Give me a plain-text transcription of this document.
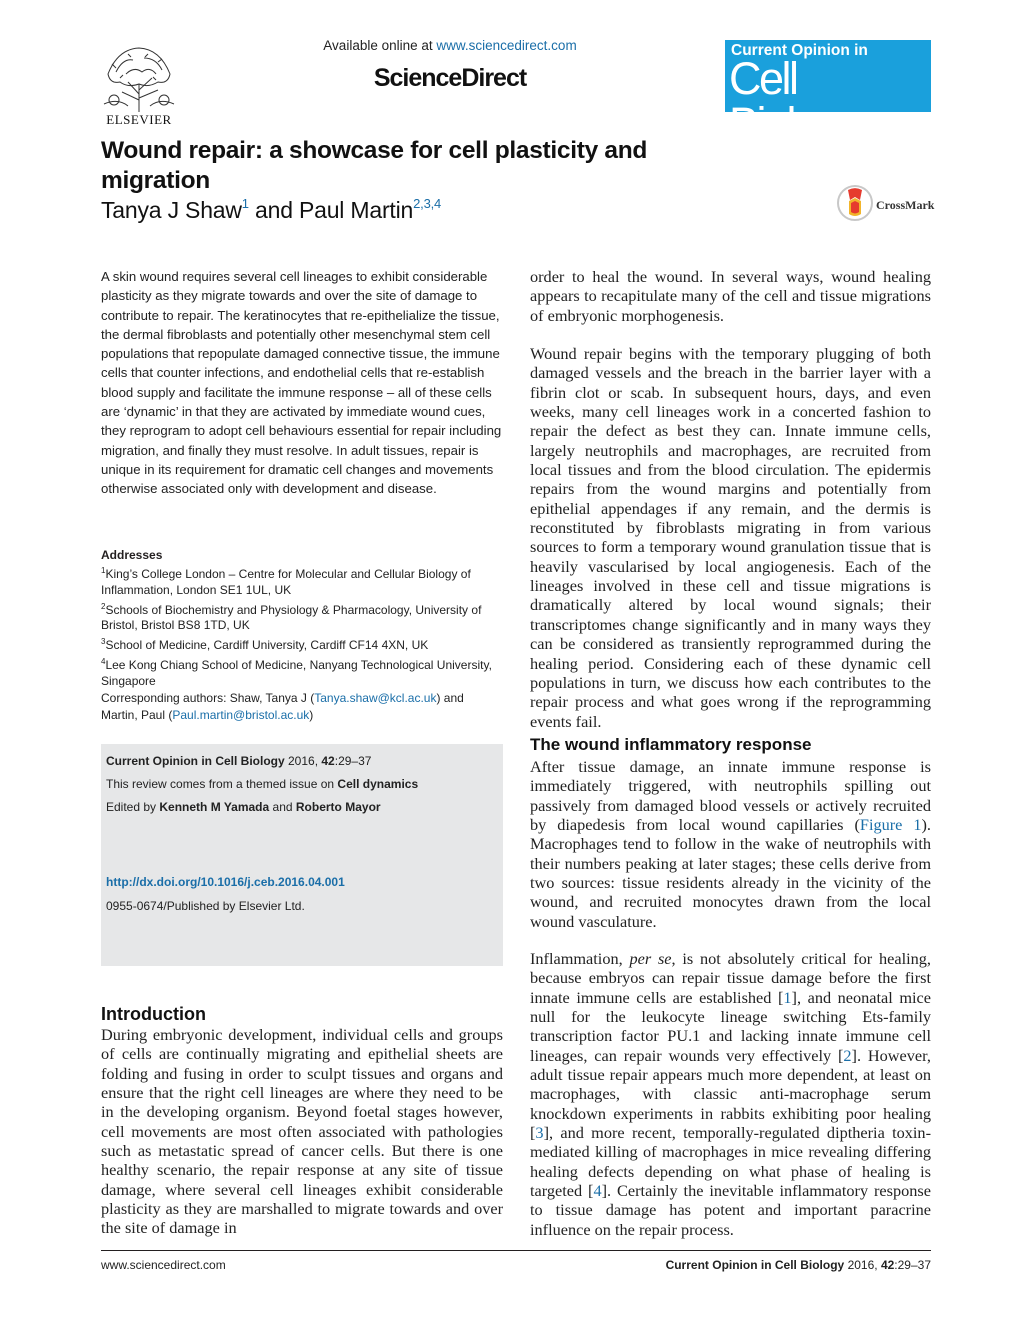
ELSEVIER
Available online at www.sciencedirect.com
ScienceDirect
Current Opinion in
Cell Biology
Wound repair: a showcase for cell plasticity and migration
Tanya J Shaw$^1$ and Paul Martin$^{2,3,4}$	CrossMark
A skin wound requires several cell lineages to exhibit considerable plasticity as they migrate towards and over the site of damage to contribute to repair. The keratinocytes that re-epithelialize the tissue, the dermal fibroblasts and potentially other mesenchymal stem cell populations that repopulate damaged connective tissue, the immune cells that counter infections, and endothelial cells that re-establish blood supply and facilitate the immune response – all of these cells are ‘dynamic’ in that they are activated by immediate wound cues, they reprogram to adopt cell behaviours essential for repair including migration, and finally they must resolve. In adult tissues, repair is unique in its requirement for dramatic cell changes and movements otherwise associated only with development and disease.
Addresses
$^1$King’s College London – Centre for Molecular and Cellular Biology of Inflammation, London SE1 1UL, UK
$^2$Schools of Biochemistry and Physiology & Pharmacology, University of Bristol, Bristol BS8 1TD, UK
$^3$School of Medicine, Cardiff University, Cardiff CF14 4XN, UK
$^4$Lee Kong Chiang School of Medicine, Nanyang Technological University, Singapore
Corresponding authors: Shaw, Tanya J (Tanya.shaw@kcl.ac.uk) and Martin, Paul (Paul.martin@bristol.ac.uk)
Current Opinion in Cell Biology 2016, 42:29–37
This review comes from a themed issue on Cell dynamics
Edited by Kenneth M Yamada and Roberto Mayor
http://dx.doi.org/10.1016/j.ceb.2016.04.001
0955-0674/Published by Elsevier Ltd.
Introduction
During embryonic development, individual cells and groups of cells are continually migrating and epithelial sheets are folding and fusing in order to sculpt tissues and organs and ensure that the right cell lineages are where they need to be in the developing organism. Beyond foetal stages however, cell movements are most often associated with pathologies such as metastatic spread of cancer cells. But there is one healthy scenario, the repair response at any site of tissue damage, where several cell lineages exhibit considerable plasticity as they are marshalled to migrate towards and over the site of damage in
order to heal the wound. In several ways, wound healing appears to recapitulate many of the cell and tissue migrations of embryonic morphogenesis.
Wound repair begins with the temporary plugging of both damaged vessels and the breach in the barrier layer with a fibrin clot or scab. In subsequent hours, days, and even weeks, many cell lineages work in a concerted fashion to repair the defect as best they can. Innate immune cells, largely neutrophils and macrophages, are recruited from local tissues and from the blood circulation. The epidermis repairs from the wound margins and potentially from epithelial appendages if any remain, and the dermis is reconstituted by fibroblasts migrating in from various sources to form a temporary wound granulation tissue that is heavily vascularised by local angiogenesis. Each of the lineages involved in these cell and tissue migrations is dramatically altered by local wound signals; their transcriptomes change significantly and in many ways they can be considered as transiently reprogrammed during the healing period. Considering each of these dynamic cell populations in turn, we discuss how each contributes to the repair process and what goes wrong if the reprogramming events fail.
The wound inflammatory response
After tissue damage, an innate immune response is immediately triggered, with neutrophils spilling out passively from damaged blood vessels or actively recruited by diapedesis from local wound capillaries (Figure 1). Macrophages tend to follow in the wake of neutrophils with their numbers peaking at later stages; these cells derive from two sources: tissue residents already in the vicinity of the wound, and recruited monocytes drawn from the local wound vasculature.
Inflammation, per se, is not absolutely critical for healing, because embryos can repair tissue damage before the first innate immune cells are established [1], and neonatal mice null for the leukocyte lineage switching Ets-family transcription factor PU.1 and lacking innate immune cell lineages, can repair wounds very effectively [2]. However, adult tissue repair appears much more dependent, at least on macrophages, with classic anti-macrophage serum knockdown experiments in rabbits exhibiting poor healing [3], and more recent, temporally-regulated diptheria toxin-mediated killing of macrophages in mice revealing differing healing defects depending on what phase of healing is targeted [4]. Certainly the inevitable inflammatory response to tissue damage has potent and important paracrine influence on the repair process.
www.sciencedirect.com	Current Opinion in Cell Biology 2016, 42:29–37
